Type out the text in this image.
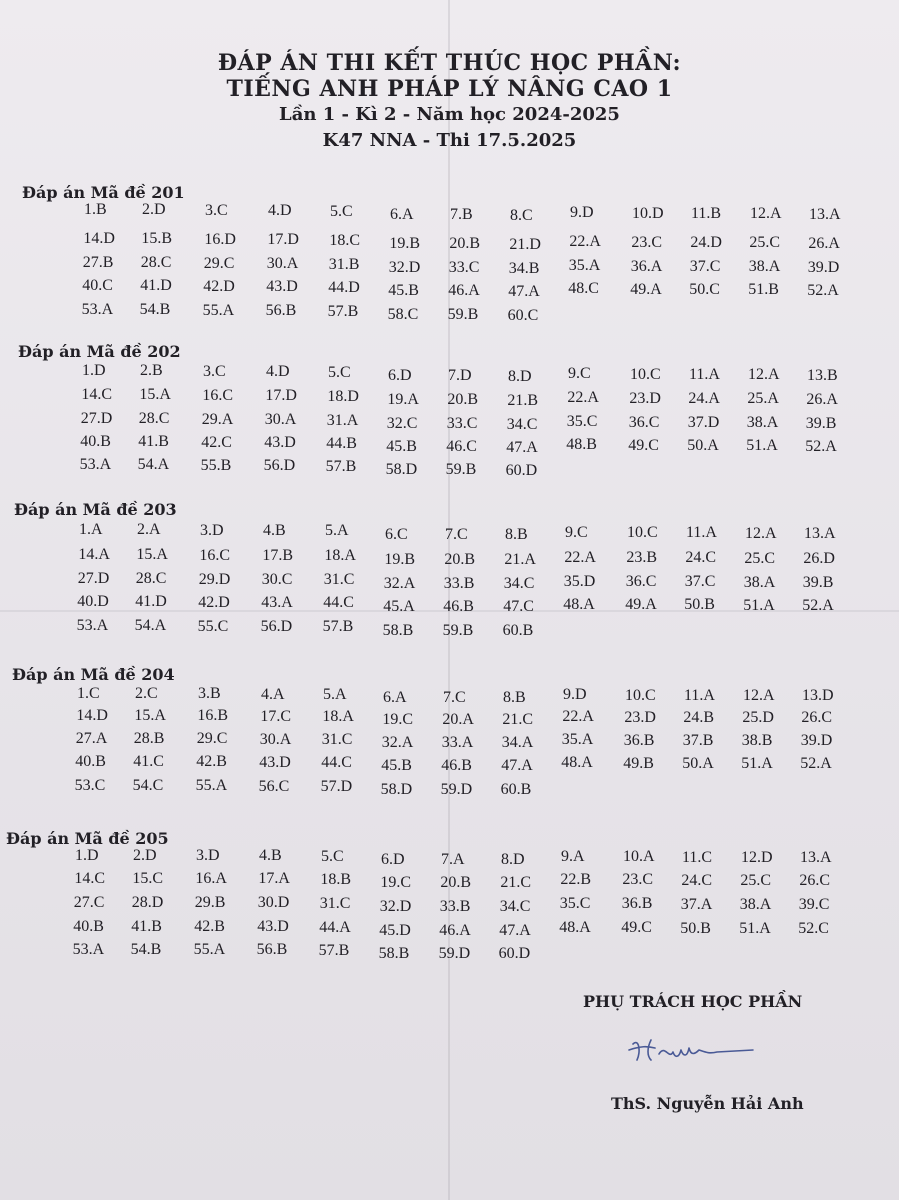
ĐÁP ÁN THI KẾT THÚC HỌC PHẦN:
TIẾNG ANH PHÁP LÝ NÂNG CAO 1
Lần 1 - Kì 2 - Năm học 2024-2025
K47 NNA - Thi 17.5.2025
Đáp án Mã đề 201
1.B 2.D 3.C	4.D 5.C 6.A 7.B 8.C 9.D 10.D 11.B 12.A 13.A
14.D 15.B 16.D 17.D 18.C 19.B 20.B 21.D 22.A 23.C 24.D 25.C 26.A
27.B 28.C 29.C 30.A 31.B 32.D 33.C 34.B 35.A 36.A 37.C 38.A 39.D
40.C 41.D 42.D 43.D 44.D 45.B 46.A 47.A 48.C 49.A 50.C 51.B 52.A
53.A 54.B 55.A 56.B 57.B 58.C 59.B 60.C
Đáp án Mã đề 202
1.D 2.B	3.C	4.D 5.C 6.D 7.D 8.D 9.C 10.C 11.A 12.A 13.B
14.C 15.A 16.C 17.D 18.D 19.A 20.B 21.B 22.A 23.D 24.A 25.A 26.A
27.D 28.C 29.A 30.A 31.A 32.C 33.C 34.C 35.C 36.C 37.D 38.A 39.B
40.B 41.B 42.C 43.D 44.B 45.B 46.C 47.A 48.B 49.C 50.A 51.A 52.A
53.A 54.A 55.B 56.D 57.B 58.D 59.B 60.D
Đáp án Mã đề 203
1.A 2.A 3.D 4.B 5.A 6.C 7.C 8.B 9.C 10.C 11.A 12.A 13.A
14.A 15.A 16.C 17.B 18.A 19.B 20.B 21.A 22.A 23.B 24.C 25.C 26.D
27.D 28.C 29.D 30.C 31.C 32.A 33.B 34.C 35.D 36.C 37.C 38.A 39.B
40.D 41.D 42.D 43.A 44.C 45.A 46.B 47.C 48.A 49.A 50.B 51.A 52.A
53.A 54.A 55.C 56.D 57.B 58.B 59.B 60.B
Đáp án Mã đề 204
1.C 2.C	3.B	4.A 5.A 6.A 7.C 8.B 9.D 10.C 11.A 12.A 13.D
14.D 15.A 16.B 17.C 18.A 19.C 20.A 21.C 22.A 23.D 24.B 25.D 26.C
27.A 28.B 29.C 30.A 31.C 32.A 33.A 34.A 35.A 36.B 37.B 38.B 39.D
40.B 41.C 42.B 43.D 44.C 45.B 46.B 47.A 48.A 49.B 50.A 51.A 52.A
53.C 54.C 55.A 56.C 57.D 58.D 59.D 60.B
Đáp án Mã đề 205
1.D 2.D 3.D 4.B 5.C 6.D 7.A 8.D 9.A 10.A 11.C 12.D 13.A
14.C 15.C 16.A 17.A 18.B 19.C 20.B 21.C 22.B 23.C 24.C 25.C 26.C
27.C 28.D 29.B 30.D 31.C 32.D 33.B 34.C 35.C 36.B 37.A 38.A 39.C
40.B 41.B 42.B 43.D 44.A 45.D 46.A 47.A 48.A 49.C 50.B 51.A 52.C
53.A 54.B 55.A 56.B 57.B 58.B 59.D 60.D
PHỤ TRÁCH HỌC PHẦN
ThS. Nguyễn Hải Anh
